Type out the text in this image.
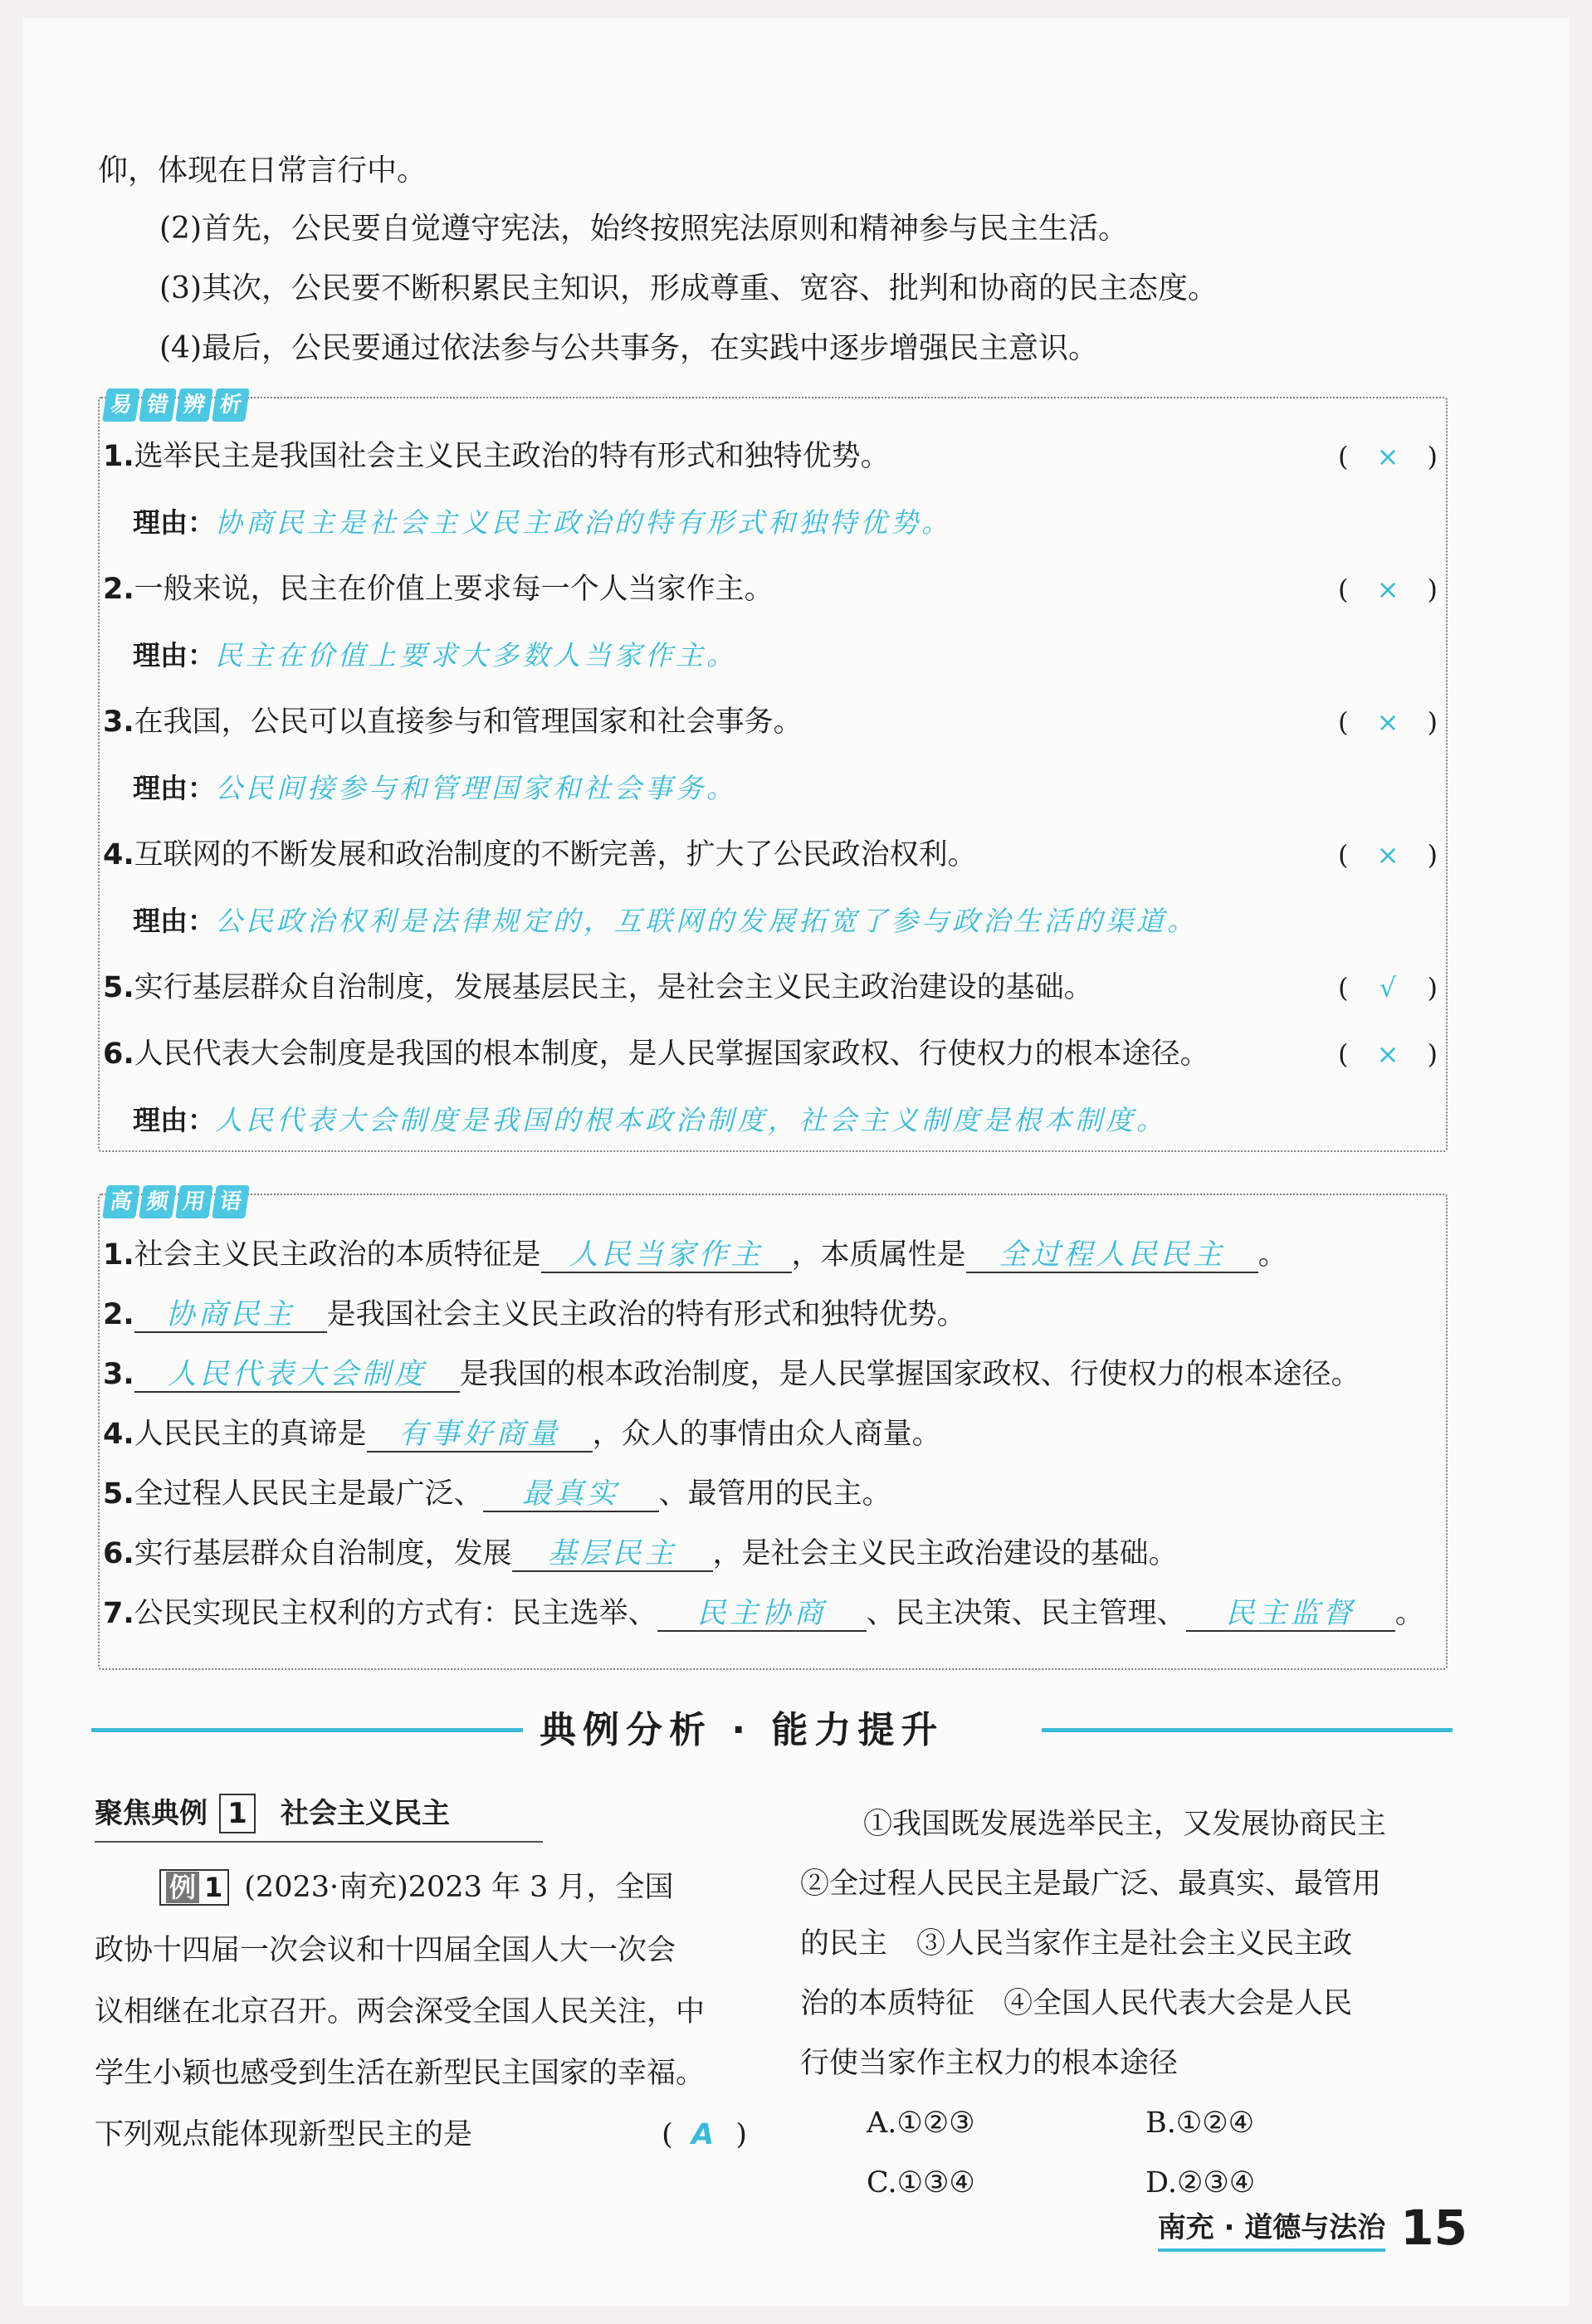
仰，体现在日常言行中。

(2)首先，公民要自觉遵守宪法，始终按照宪法原则和精神参与民主生活。

(3)其次，公民要不断积累民主知识，形成尊重、宽容、批判和协商的民主态度。

(4)最后，公民要通过依法参与公共事务，在实践中逐步增强民主意识。

易 错 辨 析
1.选举民主是我国社会主义民主政治的特有形式和独特优势。	( × )
理由：协商民主是社会主义民主政治的特有形式和独特优势。
2.一般来说，民主在价值上要求每一个人当家作主。	( × )
理由：民主在价值上要求大多数人当家作主。
3.在我国，公民可以直接参与和管理国家和社会事务。	( × )
理由：公民间接参与和管理国家和社会事务。
4.互联网的不断发展和政治制度的不断完善，扩大了公民政治权利。	( × )
理由：公民政治权利是法律规定的，互联网的发展拓宽了参与政治生活的渠道。
5.实行基层群众自治制度，发展基层民主，是社会主义民主政治建设的基础。	( √ )
6.人民代表大会制度是我国的根本制度，是人民掌握国家政权、行使权力的根本途径。	( × )
理由：人民代表大会制度是我国的根本政治制度，社会主义制度是根本制度。
高 频 用 语
1.社会主义民主政治的本质特征是 人民当家作主 ，本质属性是 全过程人民民主 。
2. 协商民主 是我国社会主义民主政治的特有形式和独特优势。
3. 人民代表大会制度 是我国的根本政治制度，是人民掌握国家政权、行使权力的根本途径。
4.人民民主的真谛是 有事好商量 ，众人的事情由众人商量。
5.全过程人民民主是最广泛、 最真实 、最管用的民主。
6.实行基层群众自治制度，发展 基层民主 ，是社会主义民主政治建设的基础。
7.公民实现民主权利的方式有：民主选举、 民主协商 、民主决策、民主管理、 民主监督 。
典例分析 · 能力提升
聚焦典例 1 社会主义民主

例 1 (2023·南充)2023 年 3 月，全国

政协十四届一次会议和十四届全国人大一次会

议相继在北京召开。两会深受全国人民关注，中

学生小颖也感受到生活在新型民主国家的幸福。

下列观点能体现新型民主的是	(  A  )

①我国既发展选举民主，又发展协商民主

②全过程人民民主是最广泛、最真实、最管用

的民主　③人民当家作主是社会主义民主政

治的本质特征　④全国人民代表大会是人民

行使当家作主权力的根本途径

A.①②③	B.①②④

C.①③④	D.②③④

南充 · 道德与法治 15
